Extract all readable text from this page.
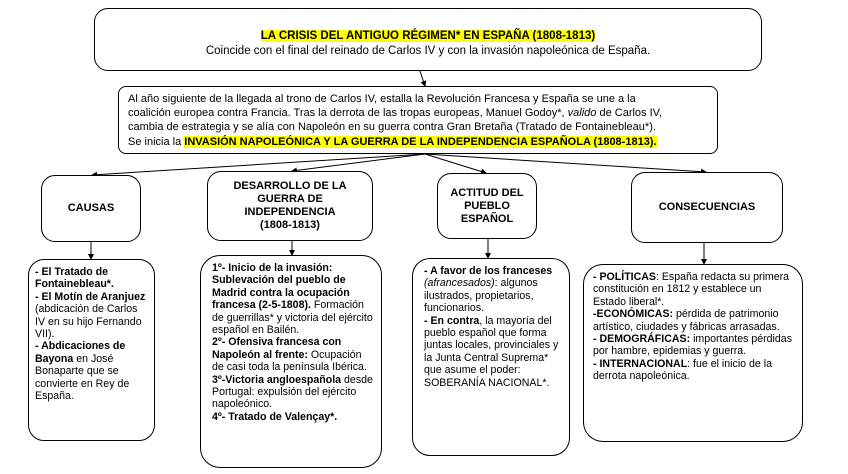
LA CRISIS DEL ANTIGUO RÉGIMEN* EN ESPAÑA (1808-1813)
Coincide con el final del reinado de Carlos IV y con la invasión napoleónica de España.
Al año siguiente de la llegada al trono de Carlos IV, estalla la Revolución Francesa y España se une a la
coalición europea contra Francia. Tras la derrota de las tropas europeas, Manuel Godoy*, valido de Carlos IV,
cambia de estrategia y se alía con Napoleón en su guerra contra Gran Bretaña (Tratado de Fontainebleau*).
Se inicia la INVASIÓN NAPOLEÓNICA Y LA GUERRA DE LA INDEPENDENCIA ESPAÑOLA (1808-1813).
CAUSAS
DESARROLLO DE LA
GUERRA DE
INDEPENDENCIA
(1808-1813)
ACTITUD DEL
PUEBLO
ESPAÑOL
CONSECUENCIAS
- El Tratado de Fontainebleau*.
- El Motín de Aranjuez (abdicación de Carlos IV en su hijo Fernando VII).
- Abdicaciones de Bayona en José Bonaparte que se convierte en Rey de España.
1º- Inicio de la invasión: Sublevación del pueblo de Madrid contra la ocupación francesa (2-5-1808). Formación de guerrillas* y victoria del ejército español en Bailén.
2º- Ofensiva francesa con Napoleón al frente: Ocupación de casi toda la península Ibérica.
3º-Victoria angloespañola desde Portugal: expulsión del ejército napoleónico.
4º- Tratado de Valençay*.
- A favor de los franceses (afrancesados): algunos ilustrados, propietarios, funcionarios.
- En contra, la mayoría del pueblo español que forma juntas locales, provinciales y la Junta Central Suprema* que asume el poder: SOBERANÍA NACIONAL*.
- POLÍTICAS: España redacta su primera constitución en 1812 y establece un Estado liberal*.
-ECONÓMICAS: pérdida de patrimonio artístico, ciudades y fábricas arrasadas.
- DEMOGRÁFICAS: importantes pérdidas por hambre, epidemias y guerra.
- INTERNACIONAL: fue el inicio de la derrota napoleónica.
